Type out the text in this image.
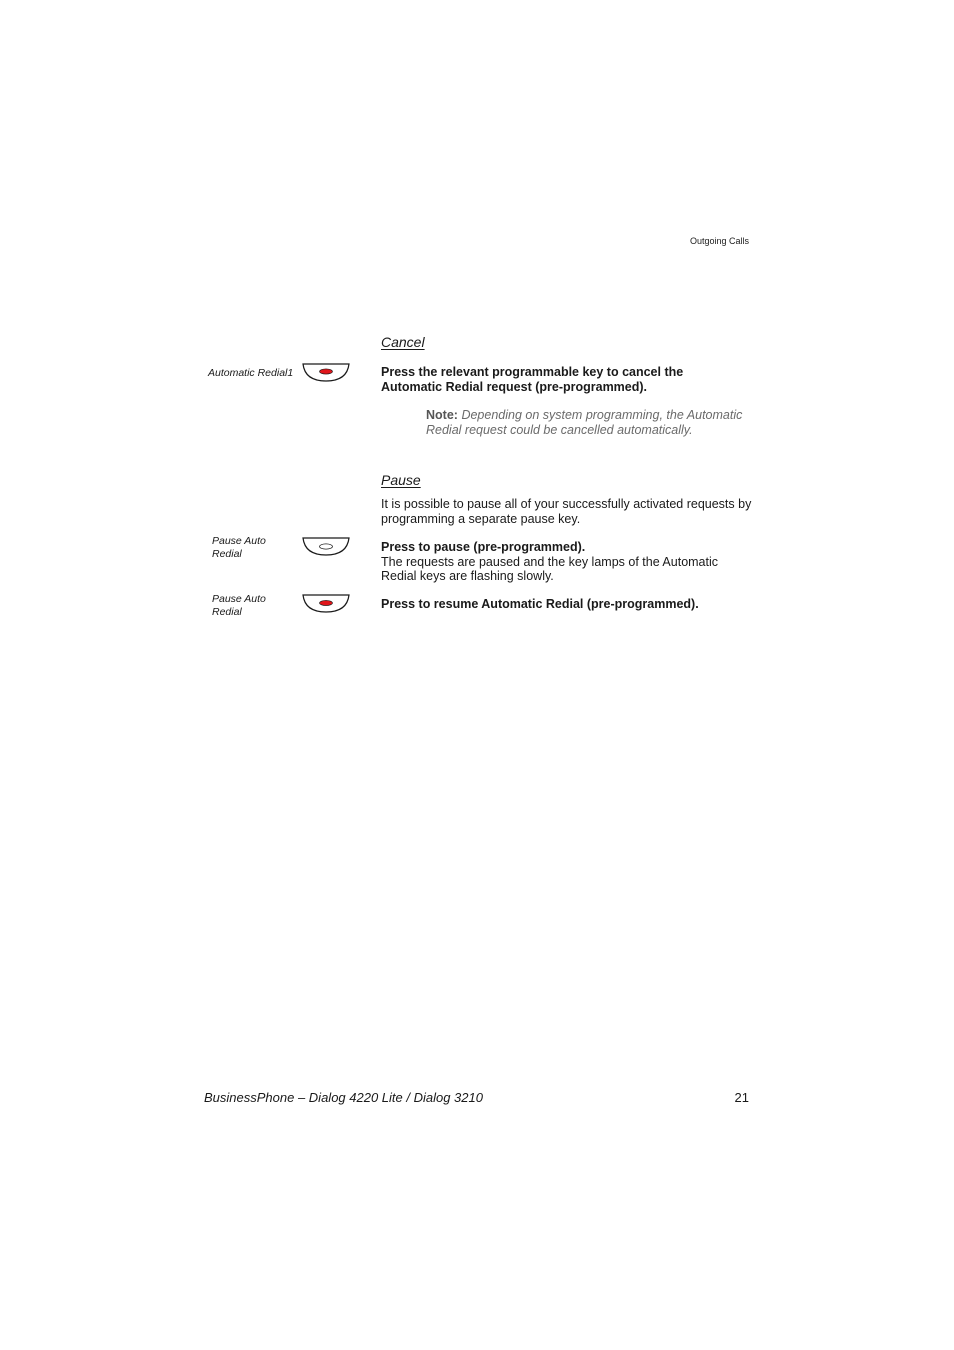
Outgoing Calls
Cancel
Automatic Redial1	Press the relevant programmable key to cancel the
Automatic Redial request (pre-programmed).
Note: Depending on system programming, the Automatic
Redial request could be cancelled automatically.
Pause
It is possible to pause all of your successfully activated requests by
programming a separate pause key.
Pause Auto
Redial	Press to pause (pre-programmed).
The requests are paused and the key lamps of the Automatic
Redial keys are flashing slowly.
Pause Auto
Redial
Press to resume Automatic Redial (pre-programmed).
BusinessPhone – Dialog 4220 Lite / Dialog 3210	21
